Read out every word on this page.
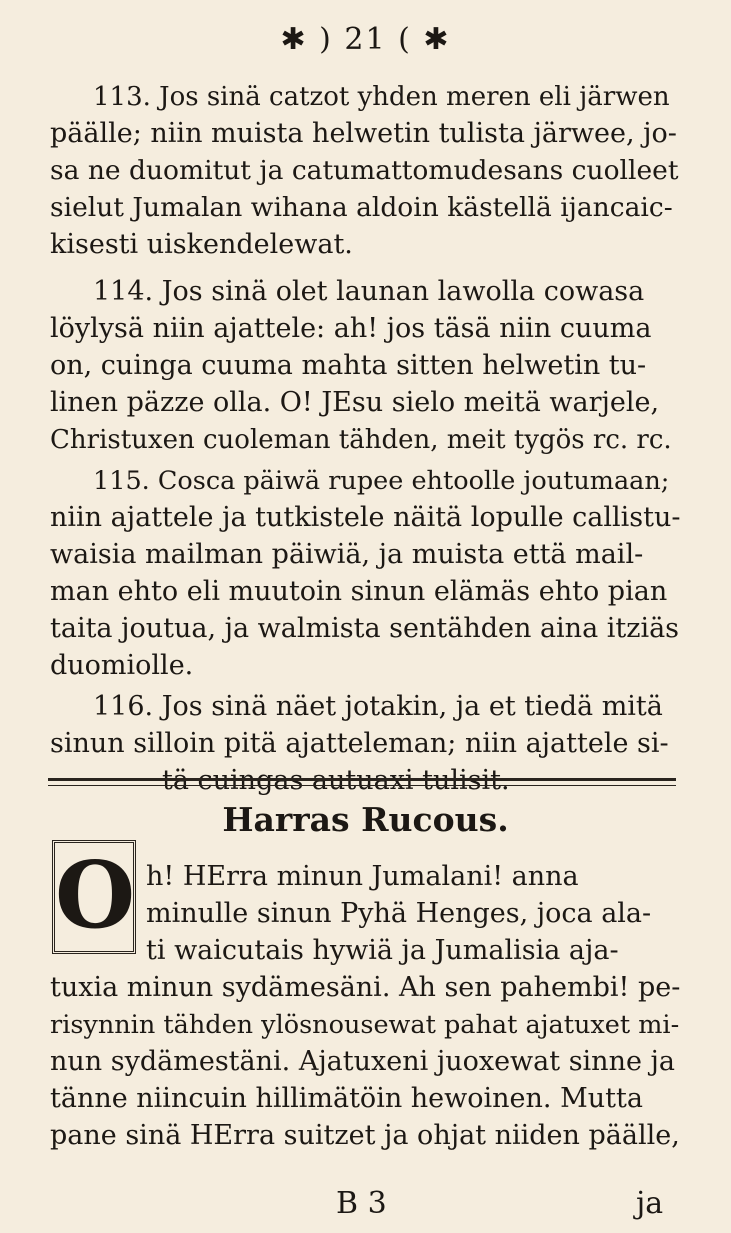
✱ ) 21 ( ✱
113. Jos sinä catzot yhden meren eli järwen
päälle; niin muista helwetin tulista järwee, jo-
sa ne duomitut ja catumattomudesans cuolleet
sielut Jumalan wihana aldoin kästellä ijancaic-
kisesti uiskendelewat.
114. Jos sinä olet launan lawolla cowasa
löylysä niin ajattele: ah! jos täsä niin cuuma
on, cuinga cuuma mahta sitten helwetin tu-
linen päzze olla. O! JEsu sielo meitä warjele,
Christuxen cuoleman tähden, meit tygös rc. rc.
115. Cosca päiwä rupee ehtoolle joutumaan;
niin ajattele ja tutkistele näitä lopulle callistu-
waisia mailman päiwiä, ja muista että mail-
man ehto eli muutoin sinun elämäs ehto pian
taita joutua, ja walmista sentähden aina itziäs
duomiolle.
116. Jos sinä näet jotakin, ja et tiedä mitä
sinun silloin pitä ajatteleman; niin ajattele si-
tä cuingas autuaxi tulisit.
Harras Rucous.
O h! HErra minun Jumalani! anna
minulle sinun Pyhä Henges, joca ala-
ti waicutais hywiä ja Jumalisia aja-
tuxia minun sydämesäni. Ah sen pahembi! pe-
risynnin tähden ylösnousewat pahat ajatuxet mi-
nun sydämestäni. Ajatuxeni juoxewat sinne ja
tänne niincuin hillimätöin hewoinen. Mutta
pane sinä HErra suitzet ja ohjat niiden päälle,
B 3	ja
